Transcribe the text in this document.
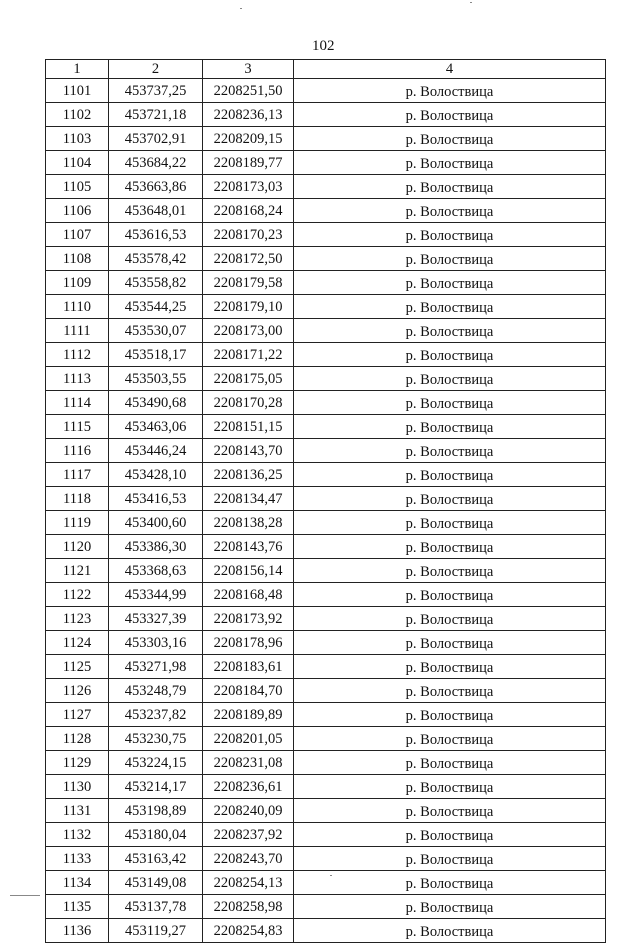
102
1	2	3	4
1101	453737,25	2208251,50	р. Волоствица
1102	453721,18	2208236,13	р. Волоствица
1103	453702,91	2208209,15	р. Волоствица
1104	453684,22	2208189,77	р. Волоствица
1105	453663,86	2208173,03	р. Волоствица
1106	453648,01	2208168,24	р. Волоствица
1107	453616,53	2208170,23	р. Волоствица
1108	453578,42	2208172,50	р. Волоствица
1109	453558,82	2208179,58	р. Волоствица
1110	453544,25	2208179,10	р. Волоствица
1111	453530,07	2208173,00	р. Волоствица
1112	453518,17	2208171,22	р. Волоствица
1113	453503,55	2208175,05	р. Волоствица
1114	453490,68	2208170,28	р. Волоствица
1115	453463,06	2208151,15	р. Волоствица
1116	453446,24	2208143,70	р. Волоствица
1117	453428,10	2208136,25	р. Волоствица
1118	453416,53	2208134,47	р. Волоствица
1119	453400,60	2208138,28	р. Волоствица
1120	453386,30	2208143,76	р. Волоствица
1121	453368,63	2208156,14	р. Волоствица
1122	453344,99	2208168,48	р. Волоствица
1123	453327,39	2208173,92	р. Волоствица
1124	453303,16	2208178,96	р. Волоствица
1125	453271,98	2208183,61	р. Волоствица
1126	453248,79	2208184,70	р. Волоствица
1127	453237,82	2208189,89	р. Волоствица
1128	453230,75	2208201,05	р. Волоствица
1129	453224,15	2208231,08	р. Волоствица
1130	453214,17	2208236,61	р. Волоствица
1131	453198,89	2208240,09	р. Волоствица
1132	453180,04	2208237,92	р. Волоствица
1133	453163,42	2208243,70	р. Волоствица
1134	453149,08	2208254,13	р. Волоствица
1135	453137,78	2208258,98	р. Волоствица
1136	453119,27	2208254,83	р. Волоствица
